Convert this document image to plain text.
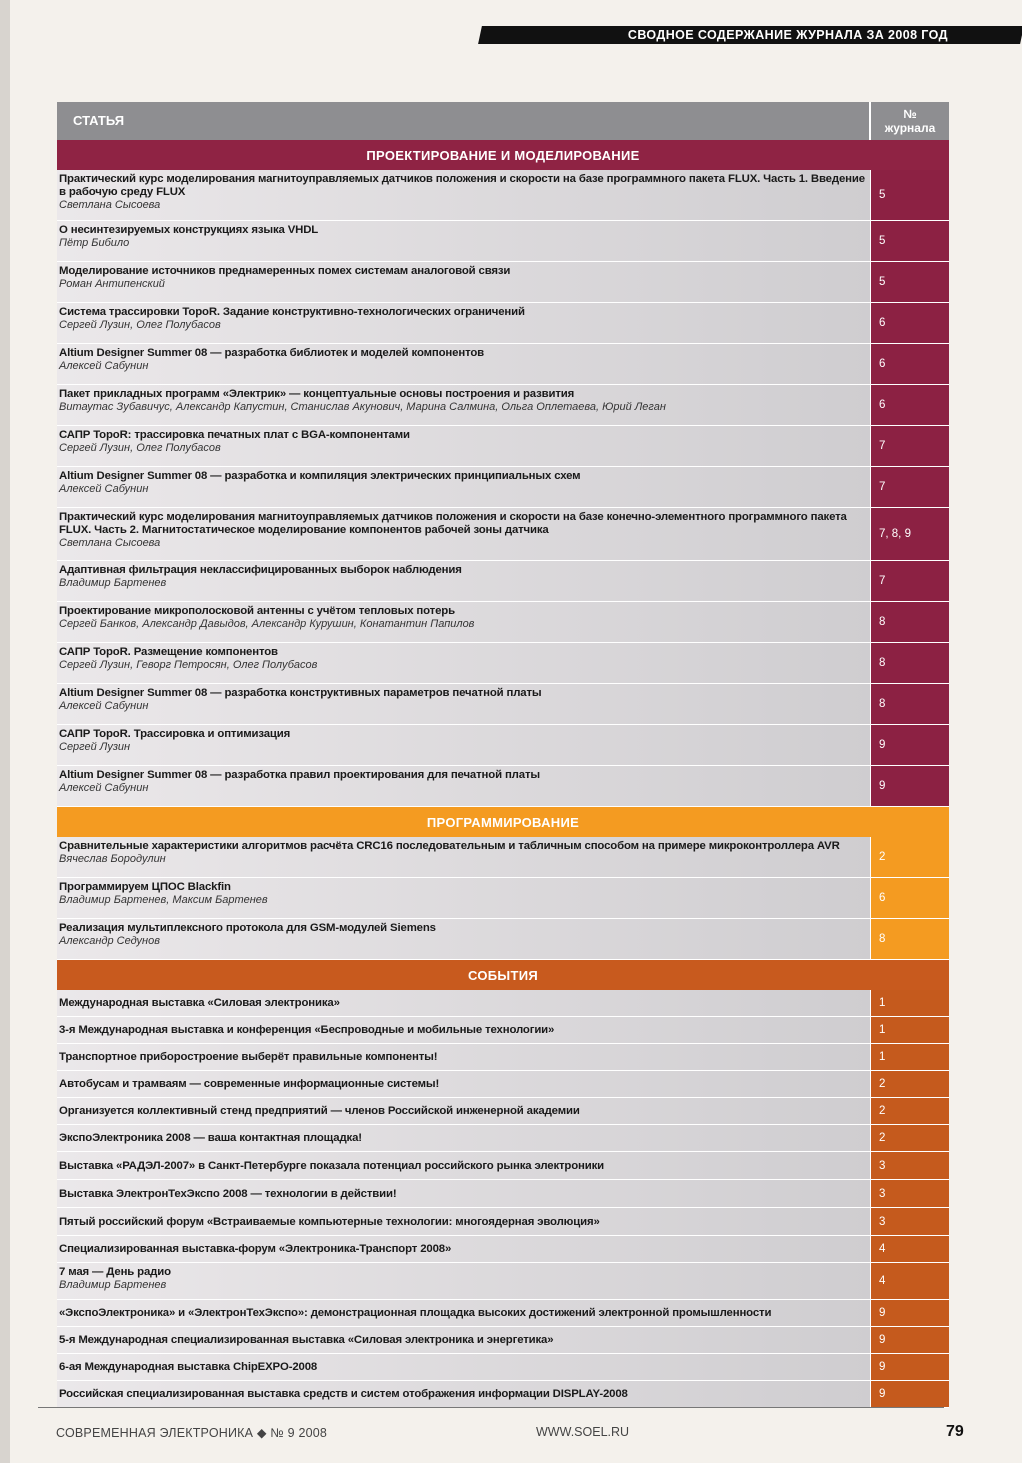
СВОДНОЕ СОДЕРЖАНИЕ ЖУРНАЛА ЗА 2008 ГОД
СТАТЬЯ	№
журнала
ПРОЕКТИРОВАНИЕ И МОДЕЛИРОВАНИЕ
Практический курс моделирования магнитоуправляемых датчиков положения и скорости на базе программного пакета FLUX. Часть 1. Введение в рабочую среду FLUX
Светлана Сысоева
5
О несинтезируемых конструкциях языка VHDL
Пётр Бибило	5
Моделирование источников преднамеренных помех системам аналоговой связи
Роман Антипенский	5
Система трассировки TopoR. Задание конструктивно-технологических ограничений
Сергей Лузин, Олег Полубасов	6
Altium Designer Summer 08 — разработка библиотек и моделей компонентов
Алексей Сабунин	6
Пакет прикладных программ «Электрик» — концептуальные основы построения и развития
Витаутас Зубавичус, Александр Капустин, Станислав Акунович, Марина Салмина, Ольга Оплетаева, Юрий Леган	6
САПР TopoR: трассировка печатных плат с BGA-компонентами
Сергей Лузин, Олег Полубасов	7
Altium Designer Summer 08 — разработка и компиляция электрических принципиальных схем
Алексей Сабунин	7
Практический курс моделирования магнитоуправляемых датчиков положения и скорости на базе конечно-элементного программного пакета FLUX. Часть 2. Магнитостатическое моделирование компонентов рабочей зоны датчика
Светлана Сысоева
7, 8, 9
Адаптивная фильтрация неклассифицированных выборок наблюдения
Владимир Бартенев	7
Проектирование микрополосковой антенны с учётом тепловых потерь
Сергей Банков, Александр Давыдов, Александр Курушин, Конатантин Папилов	8
САПР TopoR. Размещение компонентов
Сергей Лузин, Геворг Петросян, Олег Полубасов	8
Altium Designer Summer 08 — разработка конструктивных параметров печатной платы
Алексей Сабунин	8
САПР TopoR. Трассировка и оптимизация
Сергей Лузин	9
Altium Designer Summer 08 — разработка правил проектирования для печатной платы
Алексей Сабунин	9
ПРОГРАММИРОВАНИЕ
Сравнительные характеристики алгоритмов расчёта CRC16 последовательным и табличным способом на примере микроконтроллера AVR
Вячеслав Бородулин	2
Программируем ЦПОС Blackfin
Владимир Бартенев, Максим Бартенев	6
Реализация мультиплексного протокола для GSM-модулей Siemens
Александр Седунов	8
СОБЫТИЯ
Международная выставка «Силовая электроника»	1
3-я Международная выставка и конференция «Беспроводные и мобильные технологии»	1
Транспортное приборостроение выберёт правильные компоненты!	1
Автобусам и трамваям — современные информационные системы!	2
Организуется коллективный стенд предприятий — членов Российской инженерной академии	2
ЭкспоЭлектроника 2008 — ваша контактная площадка!	2
Выставка «РАДЭЛ-2007» в Санкт-Петербурге показала потенциал российского рынка электроники	3
Выставка ЭлектронТехЭкспо 2008 — технологии в действии!	3
Пятый российский форум «Встраиваемые компьютерные технологии: многоядерная эволюция»	3
Специализированная выставка-форум «Электроника-Транспорт 2008»	4
7 мая — День радио
Владимир Бартенев	4
«ЭкспоЭлектроника» и «ЭлектронТехЭкспо»: демонстрационная площадка высоких достижений электронной промышленности	9
5-я Международная специализированная выставка «Силовая электроника и энергетика»	9
6-ая Международная выставка ChipEXPO-2008	9
Российская специализированная выставка средств и систем отображения информации DISPLAY-2008	9
СОВРЕМЕННАЯ ЭЛЕКТРОНИКА ◆ № 9 2008	WWW.SOEL.RU	79
